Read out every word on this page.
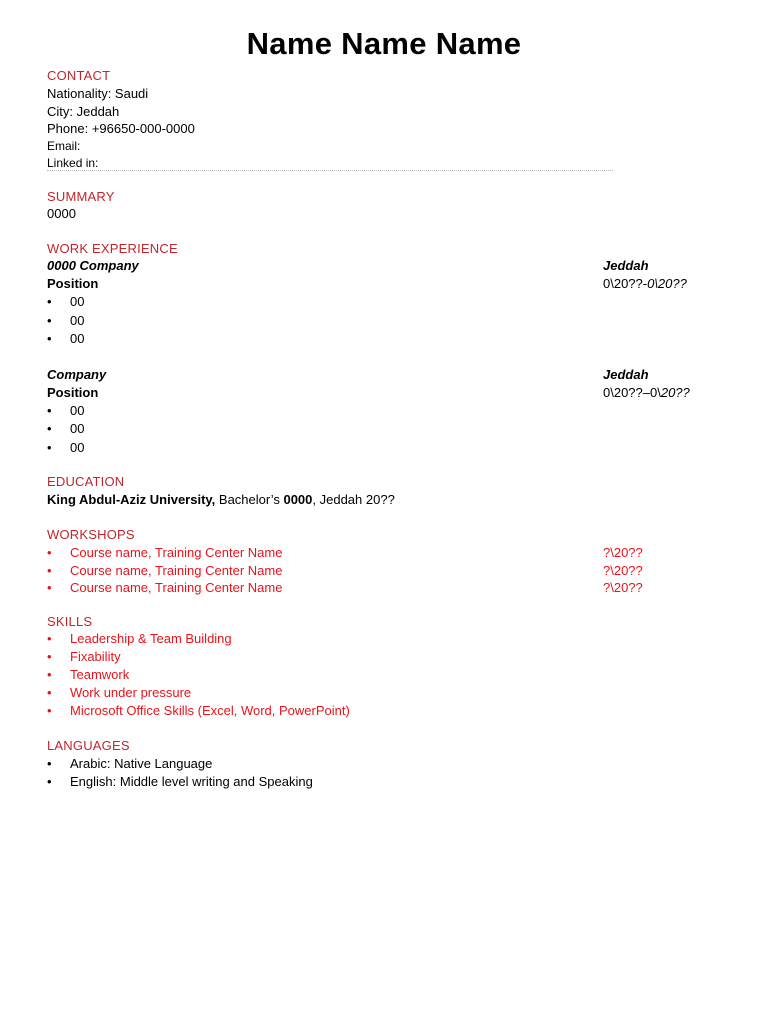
Name Name Name
CONTACT
Nationality: Saudi
City: Jeddah
Phone: +96650-000-0000
Email:
Linked in:
SUMMARY
0000
WORK EXPERIENCE
0000 Company	Jeddah
Position	0\20??-0\20??
• 00
• 00
• 00
Company	Jeddah
Position	0\20??–0\20??
• 00
• 00
• 00
EDUCATION
King Abdul-Aziz University, Bachelor’s 0000, Jeddah 20??
WORKSHOPS
• Course name, Training Center Name	?\20??
• Course name, Training Center Name	?\20??
• Course name, Training Center Name	?\20??
SKILLS
• Leadership & Team Building
• Fixability
• Teamwork
• Work under pressure
• Microsoft Office Skills (Excel, Word, PowerPoint)
LANGUAGES
• Arabic: Native Language
• English: Middle level writing and Speaking
